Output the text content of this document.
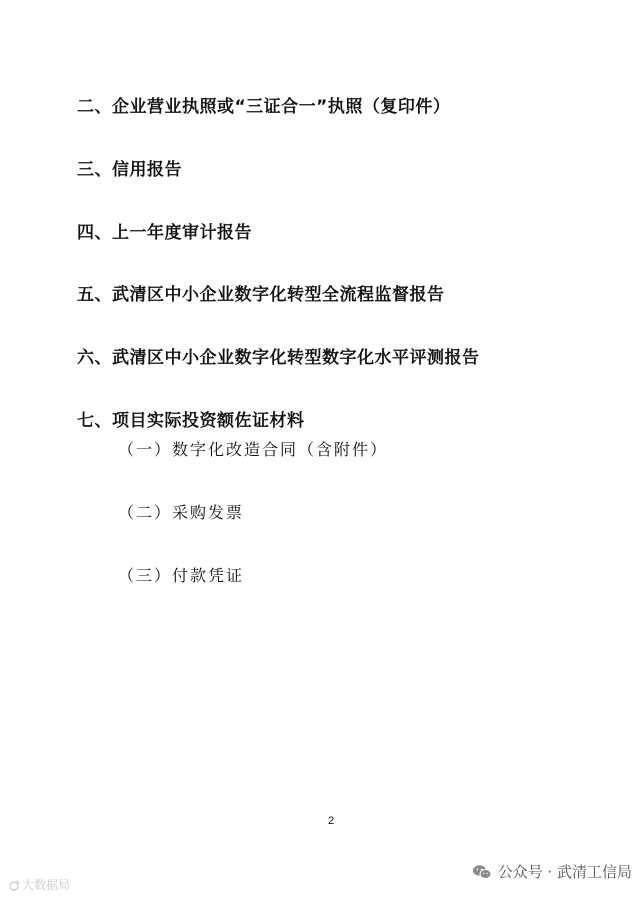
二、企业营业执照或“三证合一”执照（复印件）
三、信用报告
四、上一年度审计报告
五、武清区中小企业数字化转型全流程监督报告
六、武清区中小企业数字化转型数字化水平评测报告
七、项目实际投资额佐证材料
（一）数字化改造合同（含附件）
（二）采购发票
（三）付款凭证
2
大数据局
公众号 · 武清工信局
